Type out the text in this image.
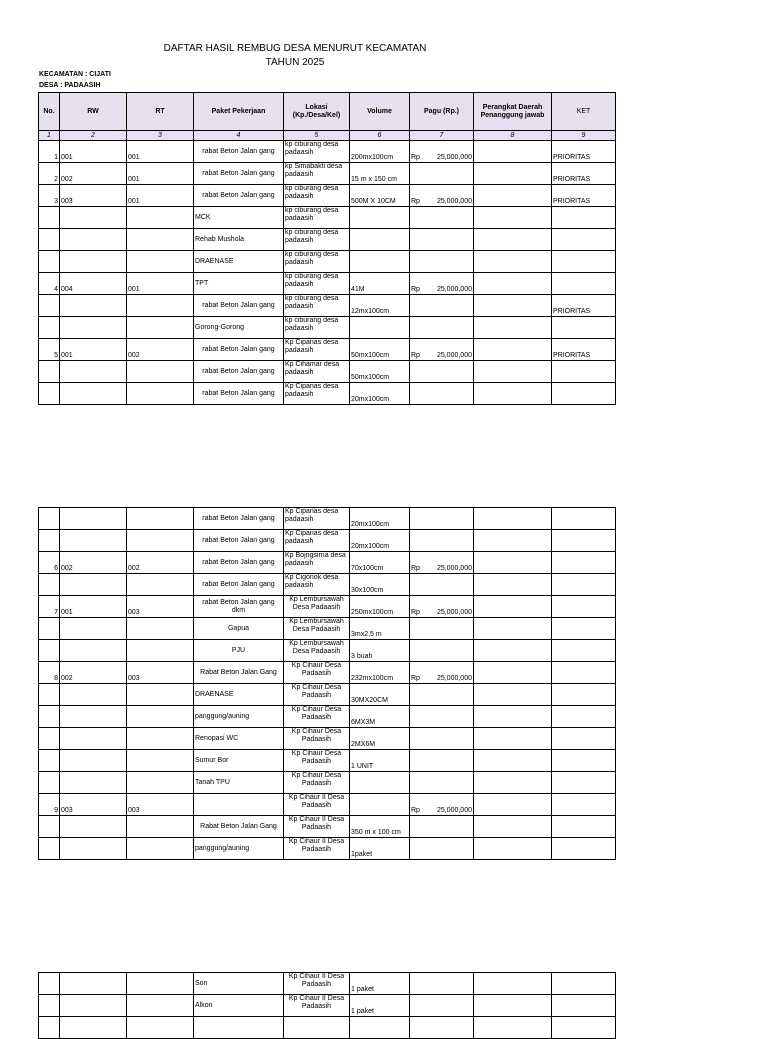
DAFTAR HASIL REMBUG DESA MENURUT KECAMATAN
TAHUN 2025
KECAMATAN : CIJATI
DESA : PADAASIH
No.	RW	RT	Paket Pekerjaan	Lokasi (Kp./Desa/Kel)	Volume	Pagu (Rp.)	Perangkat Daerah Penanggung jawab	KET
1	2	3	4	5	6	7	8	9
1	001	001	rabat Beton Jalan gang	kp ciburang desa padaasih	200mx100cm	Rp 25,000,000		PRIORITAS
2	002	001	rabat Beton Jalan gang	kp Simabakti desa padaasih	15 m x 150 cm			PRIORITAS
3	003	001	rabat Beton Jalan gang	kp ciburang desa padaasih	500M X 10CM	Rp 25,000,000		PRIORITAS
			MCK	kp ciburang desa padaasih		

			Rehab Mushola	kp ciburang desa padaasih		

			DRAENASE	kp ciburang desa padaasih		

4	004	001	TPT	kp ciburang desa padaasih	41M	Rp 25,000,000		

			rabat Beton Jalan gang	kp ciburang desa padaasih	12mx100cm			PRIORITAS
			Gorong-Gorong	kp ciburang desa padaasih		

5	001	002	rabat Beton Jalan gang	Kp Cipanas desa padaasih	50mx100cm	Rp 25,000,000		PRIORITAS
			rabat Beton Jalan gang	Kp Cihamar desa padaasih	50mx100cm	

			rabat Beton Jalan gang	Kp Cipanas desa padaasih	20mx100cm	

			rabat Beton Jalan gang	Kp Cipanas desa padaasih	20mx100cm	

			rabat Beton Jalan gang	Kp Cipanas desa padaasih	20mx100cm	

6	002	002	rabat Beton Jalan gang	Kp Bojngsirna desa padaasih	70x100cm	Rp 25,000,000		

			rabat Beton Jalan gang	Kp Cigonok desa padaasih	30x100cm	

7	001	003	rabat Beton Jalan gang dkm	Kp Lembursawah Desa Padaasih	250mx100cm	Rp 25,000,000		

			Gapua	Kp Lembursawah Desa Padaasih	3mx2,5 m	

			PJU	Kp Lembursawah Desa Padaasih	3 buah	

8	002	003	Rabat Beton Jalan Gang	Kp Cihaur Desa Padaasih	232mx100cm	Rp 25,000,000		

			DRAENASE	Kp Cihaur Desa Padaasih	30MX20CM	

			panggung/auning	Kp Cihaur Desa Padaasih	6MX3M	

			Renopasi WC	Kp Cihaur Desa Padaasih	2MX6M	

			Sumur Bor	Kp Cihaur Desa Padaasih	1 UNIT	

			Tanah TPU	Kp Cihaur Desa Padaasih		

9	003	003		Kp Cihaur II Desa Padaasih		Rp 25,000,000		

			Rabat Beton Jalan Gang	Kp Cihaur II Desa Padaasih	350 m x 100 cm	

			panggung/auning	Kp Cihaur II Desa Padaasih	1paket	

			Son	Kp Cihaur II Desa Padaasih	1 paket	

			Alkon	Kp Cihaur II Desa Padaasih	1 paket	
